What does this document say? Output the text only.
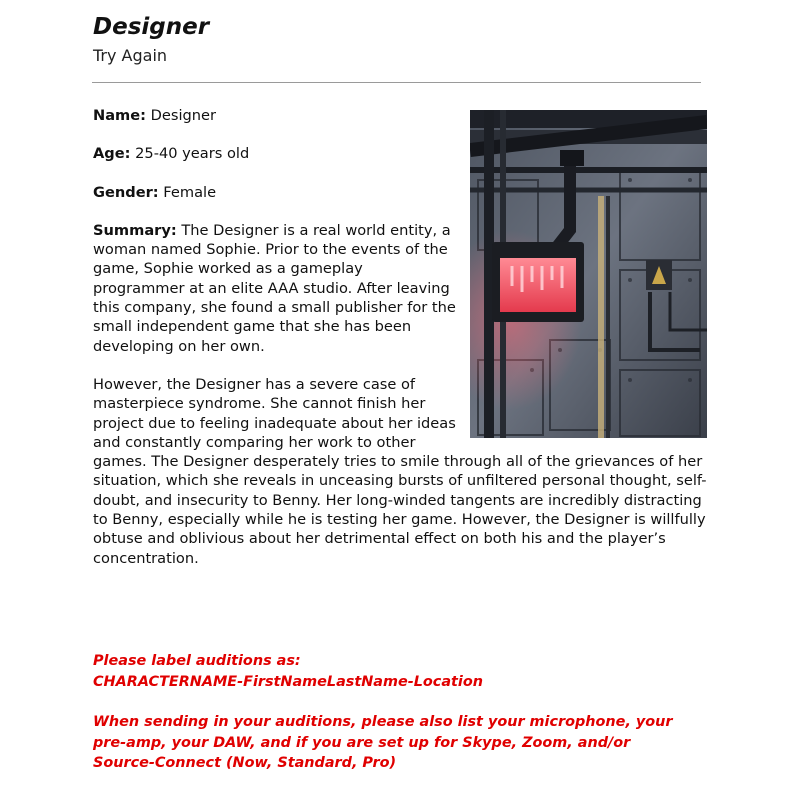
Designer
Try Again

Name: Designer

Age: 25-40 years old

Gender: Female

Summary: The Designer is a real world entity, a woman named Sophie. Prior to the events of the game, Sophie worked as a gameplay programmer at an elite AAA studio. After leaving this company, she found a small publisher for the small independent game that she has been developing on her own.

However, the Designer has a severe case of masterpiece syndrome. She cannot finish her project due to feeling inadequate about her ideas and constantly comparing her work to other games. The Designer desperately tries to smile through all of the grievances of her situation, which she reveals in unceasing bursts of unfiltered personal thought, self-doubt, and insecurity to Benny. Her long-winded tangents are incredibly distracting to Benny, especially while he is testing her game. However, the Designer is willfully obtuse and oblivious about her detrimental effect on both his and the player’s concentration.

Please label auditions as:
CHARACTERNAME-FirstNameLastName-Location

When sending in your auditions, please also list your microphone, your
pre-amp, your DAW, and if you are set up for Skype, Zoom, and/or
Source-Connect (Now, Standard, Pro)
